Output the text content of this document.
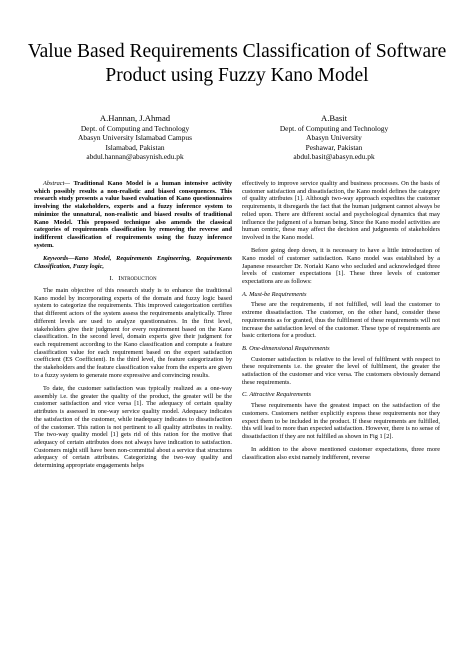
Value Based Requirements Classification of Software
Product using Fuzzy Kano Model
A.Hannan, J.Ahmad
Dept. of Computing and Technology
Abasyn University Islamabad Campus
Islamabad, Pakistan
abdul.hannan@abasynish.edu.pk
A.Basit
Dept. of Computing and Technology
Abasyn University
Peshawar, Pakistan
abdul.basit@abasyn.edu.pk

Abstract— Traditional Kano Model is a human intensive activity which possibly results a non-realistic and biased consequences. This research study presents a value based evaluation of Kano questionnaires involving the stakeholders, experts and a fuzzy inference system to minimize the unnatural, non-realistic and biased results of traditional Kano Model. This proposed technique also amends the classical categories of requirements classification by removing the reverse and indifferent classification of requirements using the fuzzy inference system.

Keywords—Kano Model, Requirements Engineering, Requirements Classification, Fuzzy logic,

I. Introduction

The main objective of this research study is to enhance the traditional Kano model by incorporating experts of the domain and fuzzy logic based system to categorize the requirements. This improved categorization certifies that different actors of the system assess the requirements analytically. Three different levels are used to analyze questionnaires. In the first level, stakeholders give their judgment for every requirement based on the Kano classification. In the second level, domain experts give their judgment for each requirement according to the Kano classification and compute a feature classification value for each requirement based on the expert satisfaction coefficient (ES Coefficient). In the third level, the feature categorization by the stakeholders and the feature classification value from the experts are given to a fuzzy system to generate more expressive and convincing results.

To date, the customer satisfaction was typically realized as a one-way assembly i.e. the greater the quality of the product, the greater will be the customer satisfaction and vice versa [1]. The adequacy of certain quality attributes is assessed in one-way service quality model. Adequacy indicates the satisfaction of the customer, while inadequacy indicates to dissatisfaction of the customer. This ration is not pertinent to all quality attributes in reality. The two-way quality model [1] gets rid of this ration for the motive that adequacy of certain attributes does not always have indication to satisfaction. Customers might still have been non-committal about a service that structures adequacy of certain attributes. Categorizing the two-way quality and determining appropriate engagements helps

effectively to improve service quality and business processes. On the basis of customer satisfaction and dissatisfaction, the Kano model defines the category of quality attributes [1]. Although two-way approach expedites the customer requirements, it disregards the fact that the human judgment cannot always be relied upon. There are different social and psychological dynamics that may influence the judgment of a human being. Since the Kano model activities are human centric, these may affect the decision and judgments of stakeholders involved in the Kano model.

Before going deep down, it is necessary to have a little introduction of Kano model of customer satisfaction. Kano model was established by a Japanese researcher Dr. Noriaki Kano who secluded and acknowledged three levels of customer expectations [1]. These three levels of customer expectations are as follows:

A. Must-be Requirements

These are the requirements, if not fulfilled, will lead the customer to extreme dissatisfaction. The customer, on the other hand, consider these requirements as for granted, thus the fulfilment of these requirements will not increase the satisfaction level of the customer. These type of requirements are basic criterions for a product.

B. One-dimensional Requirements

Customer satisfaction is relative to the level of fulfilment with respect to these requirements i.e. the greater the level of fulfilment, the greater the satisfaction of the customer and vice versa. The customers obviously demand these requirements.

C. Attractive Requirements

These requirements have the greatest impact on the satisfaction of the customers. Customers neither explicitly express these requirements nor they expect them to be included in the product. If these requirements are fulfilled, this will lead to more than expected satisfaction. However, there is no sense of dissatisfaction if they are not fulfilled as shown in Fig 1 [2].

In addition to the above mentioned customer expectations, three more classification also exist namely indifferent, reverse
